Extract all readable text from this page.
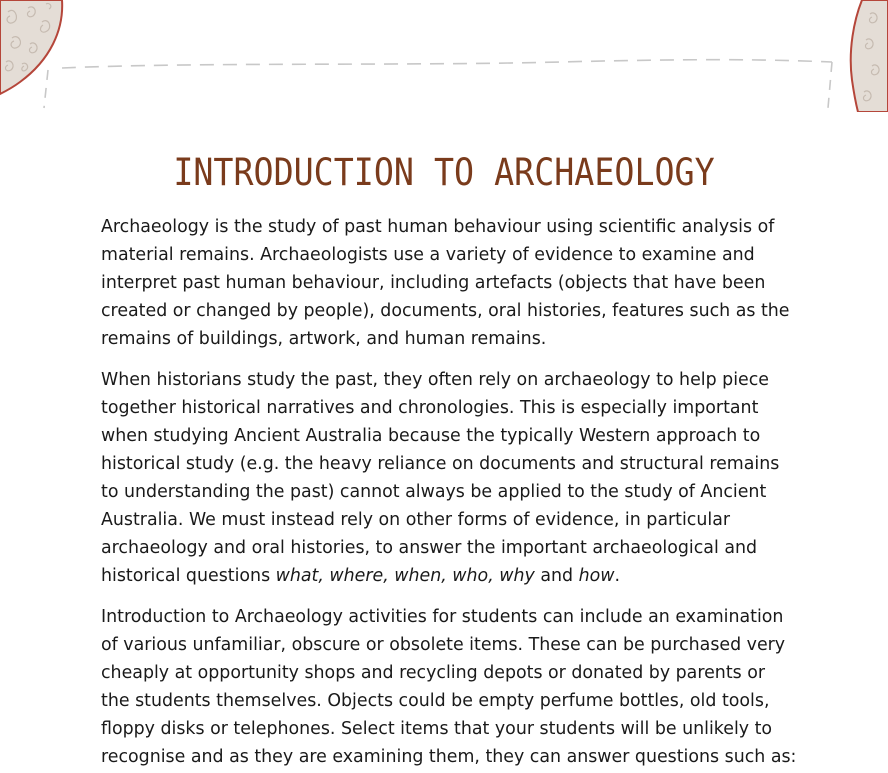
INTRODUCTION TO ARCHAEOLOGY

Archaeology is the study of past human behaviour using scientific analysis of
material remains. Archaeologists use a variety of evidence to examine and
interpret past human behaviour, including artefacts (objects that have been
created or changed by people), documents, oral histories, features such as the
remains of buildings, artwork, and human remains.

When historians study the past, they often rely on archaeology to help piece
together historical narratives and chronologies. This is especially important
when studying Ancient Australia because the typically Western approach to
historical study (e.g. the heavy reliance on documents and structural remains
to understanding the past) cannot always be applied to the study of Ancient
Australia. We must instead rely on other forms of evidence, in particular
archaeology and oral histories, to answer the important archaeological and
historical questions what, where, when, who, why and how.

Introduction to Archaeology activities for students can include an examination
of various unfamiliar, obscure or obsolete items. These can be purchased very
cheaply at opportunity shops and recycling depots or donated by parents or
the students themselves. Objects could be empty perfume bottles, old tools,
floppy disks or telephones. Select items that your students will be unlikely to
recognise and as they are examining them, they can answer questions such as:
